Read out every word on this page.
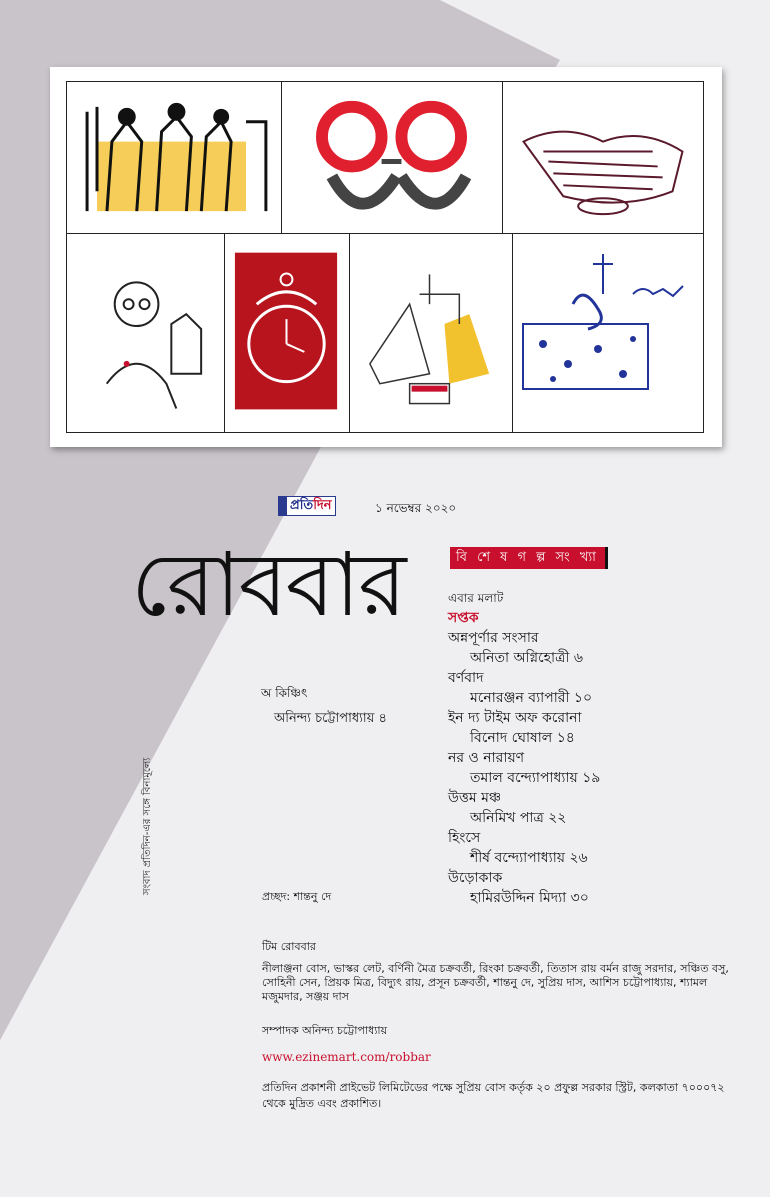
প্রতিদিন	১ নভেম্বর ২০২০
রোববার	বি শে ষ গ ল্প সং খ্যা
এবার মলাট
সপ্তক
অন্নপূর্ণার সংসার
অনিতা অগ্নিহোত্রী ৬
বর্ণবাদ
মনোরঞ্জন ব্যাপারী ১০
ইন দ্য টাইম অফ করোনা
বিনোদ ঘোষাল ১৪
নর ও নারায়ণ
তমাল বন্দ্যোপাধ্যায় ১৯
উত্তম মঞ্চ
অনিমিখ পাত্র ২২
হিংসে
শীর্ষ বন্দ্যোপাধ্যায় ২৬
উড়োকাক
হামিরউদ্দিন মিদ্যা ৩০
অ কিঞ্চিৎ
অনিন্দ্য চট্টোপাধ্যায় ৪
সংবাদ প্রতিদিন-এর সঙ্গে বিনামূল্যে
প্রচ্ছদ: শান্তনু দে
টিম রোববার
নীলাঞ্জনা বোস, ভাস্কর লেট, বর্ণিনী মৈত্র চক্রবর্তী, রিংকা চক্রবর্তী, তিতাস রায় বর্মন রাজু সরদার, সঞ্চিত বসু, সোহিনী সেন, প্রিয়ক মিত্র, বিদ্যুৎ রায়, প্রসূন চক্রবর্তী, শান্তনু দে, সুপ্রিয় দাস, আশিস চট্টোপাধ্যায়, শ্যামল মজুমদার, সঞ্জয় দাস
সম্পাদক অনিন্দ্য চট্টোপাধ্যায়
www.ezinemart.com/robbar
প্রতিদিন প্রকাশনী প্রাইভেট লিমিটেডের পক্ষে সুপ্রিয় বোস কর্তৃক ২০ প্রফুল্ল সরকার স্ট্রিট, কলকাতা ৭০০০৭২ থেকে মুদ্রিত এবং প্রকাশিত।
